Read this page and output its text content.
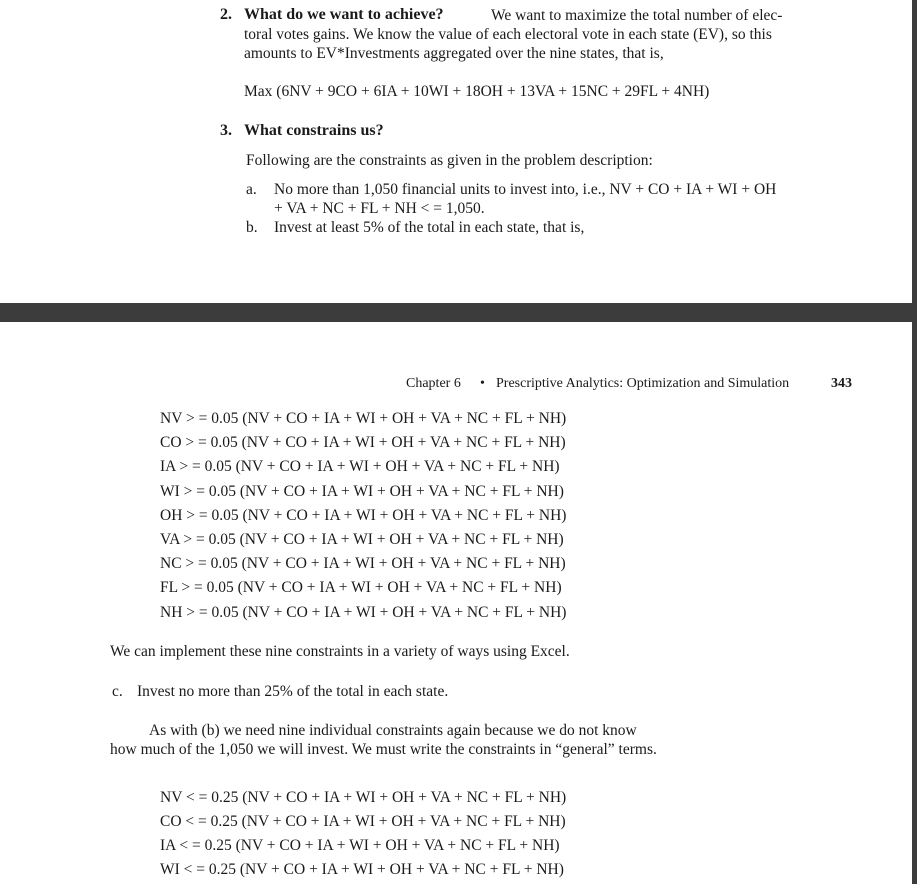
2. What do we want to achieve?	We want to maximize the total number of elec-
toral votes gains. We know the value of each electoral vote in each state (EV), so this
amounts to EV*Investments aggregated over the nine states, that is,
Max (6NV + 9CO + 6IA + 10WI + 18OH + 13VA + 15NC + 29FL + 4NH)
3. What constrains us?
Following are the constraints as given in the problem description:
a. No more than 1,050 financial units to invest into, i.e., NV + CO + IA + WI + OH
+ VA + NC + FL + NH < = 1,050.
b. Invest at least 5% of the total in each state, that is,
Chapter 6 • Prescriptive Analytics: Optimization and Simulation	343
NV > = 0.05 (NV + CO + IA + WI + OH + VA + NC + FL + NH)
CO > = 0.05 (NV + CO + IA + WI + OH + VA + NC + FL + NH)
IA > = 0.05 (NV + CO + IA + WI + OH + VA + NC + FL + NH)
WI > = 0.05 (NV + CO + IA + WI + OH + VA + NC + FL + NH)
OH > = 0.05 (NV + CO + IA + WI + OH + VA + NC + FL + NH)
VA > = 0.05 (NV + CO + IA + WI + OH + VA + NC + FL + NH)
NC > = 0.05 (NV + CO + IA + WI + OH + VA + NC + FL + NH)
FL > = 0.05 (NV + CO + IA + WI + OH + VA + NC + FL + NH)
NH > = 0.05 (NV + CO + IA + WI + OH + VA + NC + FL + NH)
We can implement these nine constraints in a variety of ways using Excel.
c. Invest no more than 25% of the total in each state.
As with (b) we need nine individual constraints again because we do not know
how much of the 1,050 we will invest. We must write the constraints in “general” terms.
NV < = 0.25 (NV + CO + IA + WI + OH + VA + NC + FL + NH)
CO < = 0.25 (NV + CO + IA + WI + OH + VA + NC + FL + NH)
IA < = 0.25 (NV + CO + IA + WI + OH + VA + NC + FL + NH)
WI < = 0.25 (NV + CO + IA + WI + OH + VA + NC + FL + NH)
